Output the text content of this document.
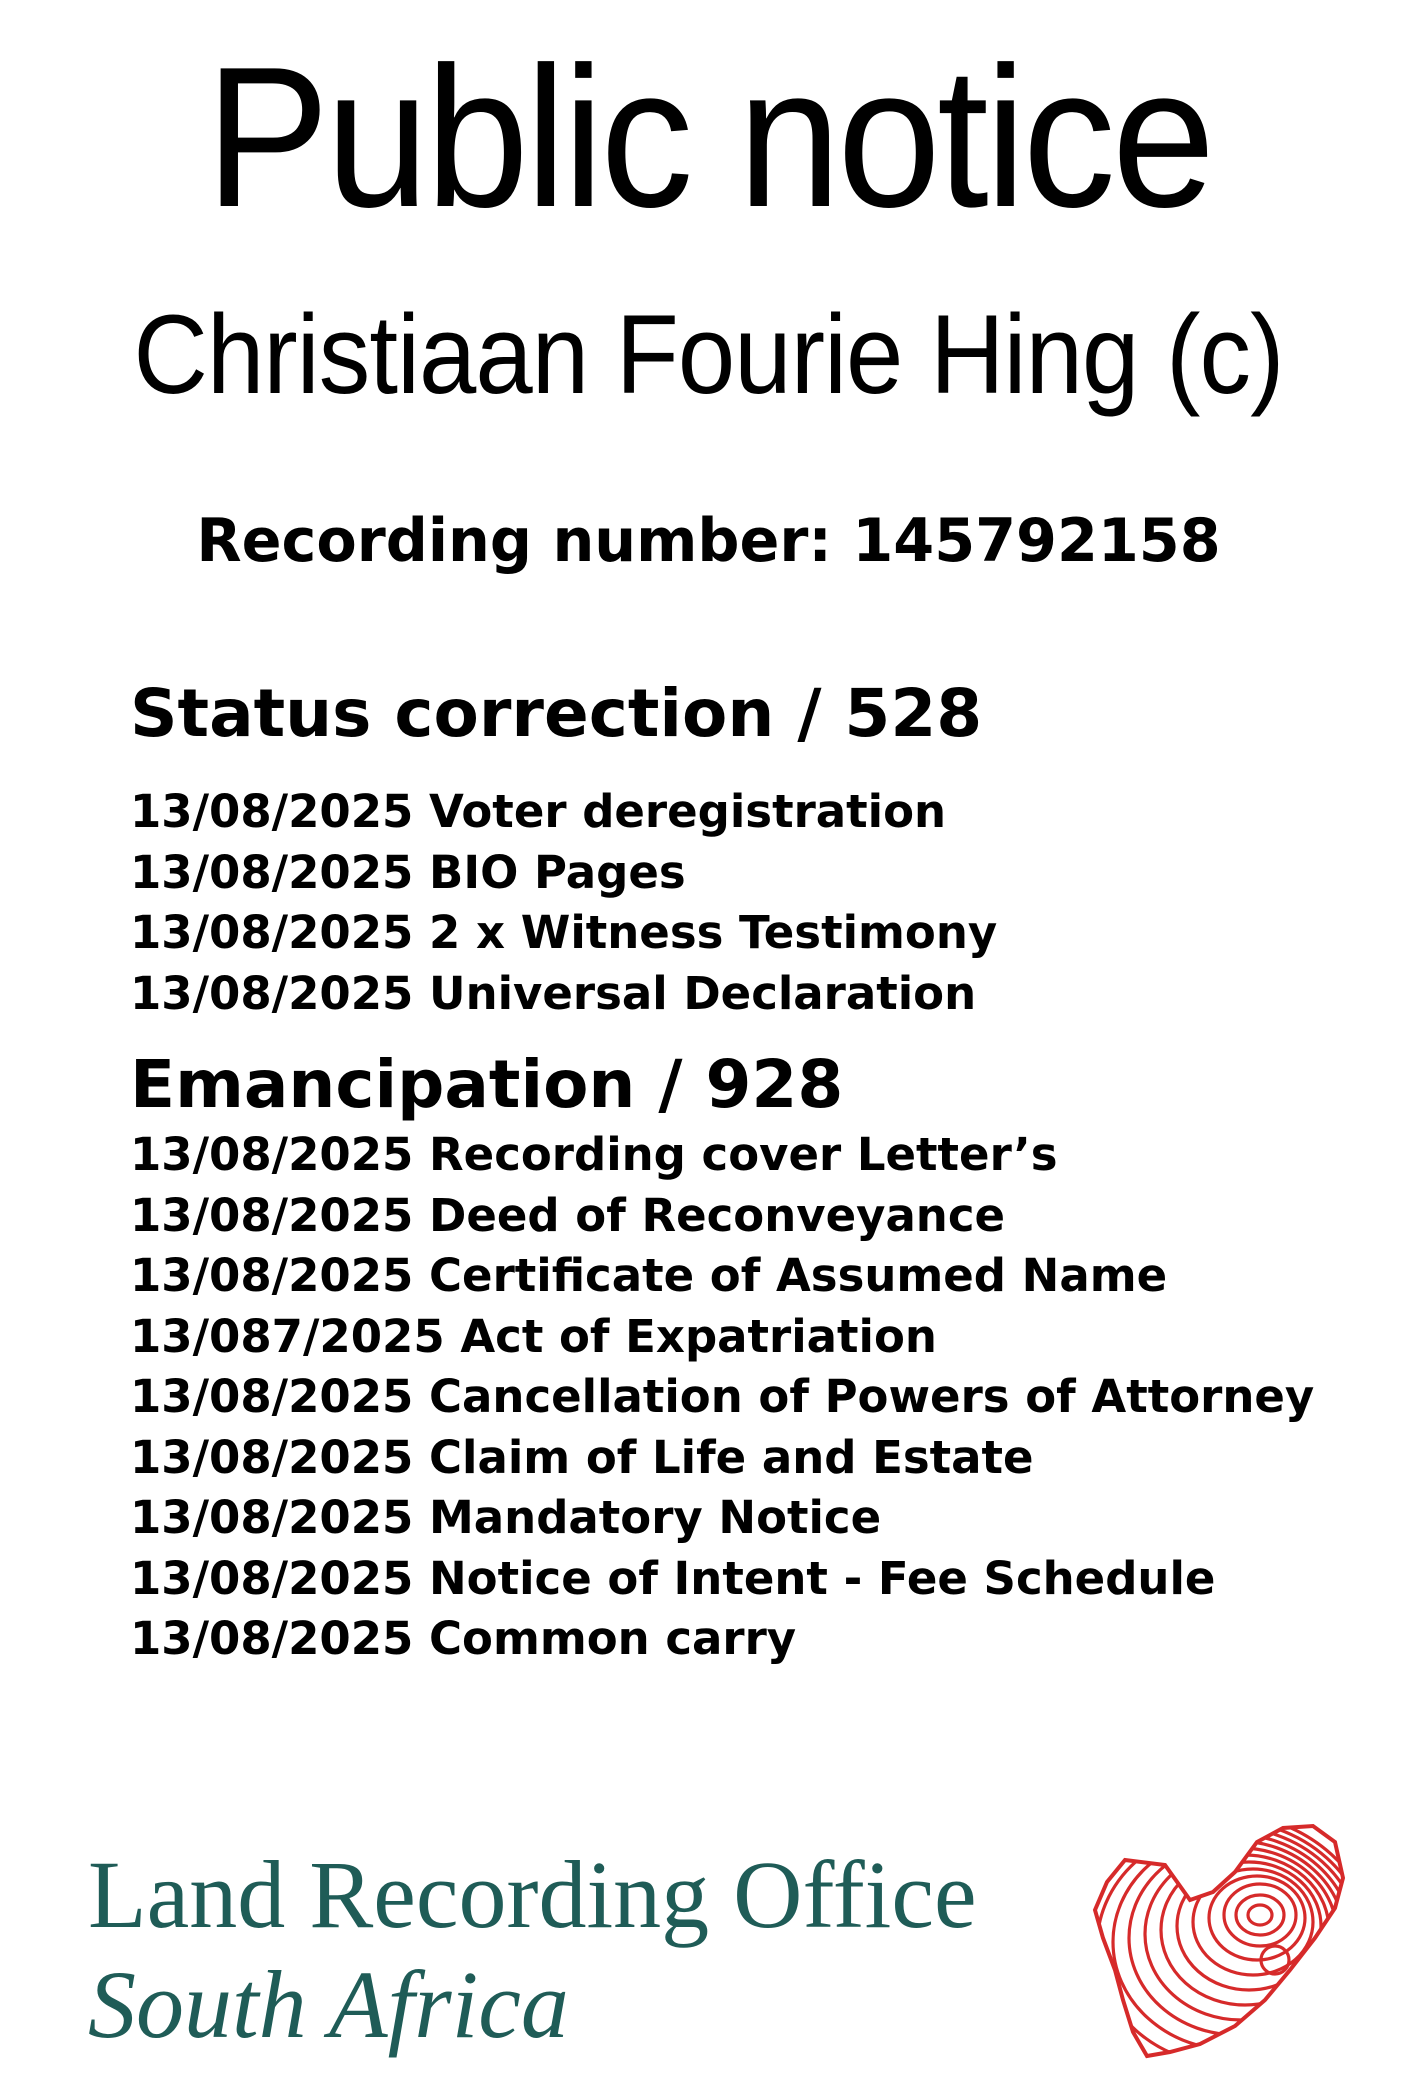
Public notice
Christiaan Fourie Hing (c)
Recording number: 145792158
Status correction / 528
13/08/2025 Voter deregistration
13/08/2025 BIO Pages
13/08/2025 2 x Witness Testimony
13/08/2025 Universal Declaration
Emancipation / 928
13/08/2025 Recording cover Letter’s
13/08/2025 Deed of Reconveyance
13/08/2025 Certificate of Assumed Name
13/087/2025 Act of Expatriation
13/08/2025 Cancellation of Powers of Attorney
13/08/2025 Claim of Life and Estate
13/08/2025 Mandatory Notice
13/08/2025 Notice of Intent - Fee Schedule
13/08/2025 Common carry
Land Recording Office
South Africa
